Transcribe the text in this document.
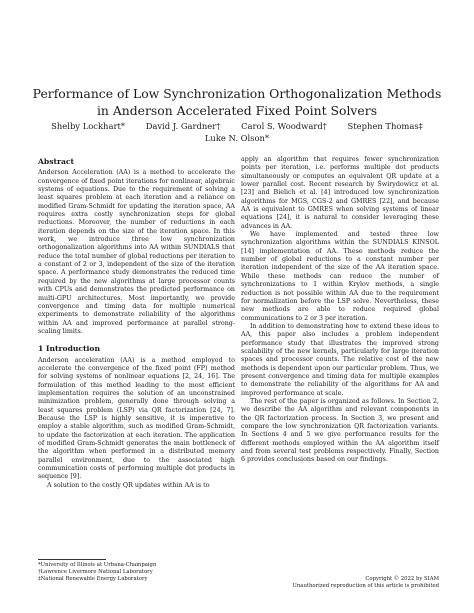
Performance of Low Synchronization Orthogonalization Methods in Anderson Accelerated Fixed Point Solvers
Shelby Lockhart* David J. Gardner† Carol S. Woodward† Stephen Thomas‡
Luke N. Olson*
Abstract

Anderson Acceleration (AA) is a method to accelerate the convergence of fixed point iterations for nonlinear, algebraic systems of equations. Due to the requirement of solving a least squares problem at each iteration and a reliance on modified Gram-Schmidt for updating the iteration space, AA requires extra costly synchronization steps for global reductions. Moreover, the number of reductions in each iteration depends on the size of the iteration space. In this work, we introduce three low synchronization orthogonalization algorithms into AA within SUNDIALS that reduce the total number of global reductions per iteration to a constant of 2 or 3, independent of the size of the iteration space. A performance study demonstrates the reduced time required by the new algorithms at large processor counts with CPUs and demonstrates the predicted performance on multi-GPU architectures. Most importantly, we provide convergence and timing data for multiple numerical experiments to demonstrate reliability of the algorithms within AA and improved performance at parallel strong-scaling limits.

1 Introduction

Anderson acceleration (AA) is a method employed to accelerate the convergence of the fixed point (FP) method for solving systems of nonlinear equations [2, 24, 16]. The formulation of this method leading to the most efficient implementation requires the solution of an unconstrained minimization problem, generally done through solving a least squares problem (LSP) via QR factorization [24, 7]. Because the LSP is highly sensitive, it is imperative to employ a stable algorithm, such as modified Gram-Schmidt, to update the factorization at each iteration. The application of modified Gram-Schmidt generates the main bottleneck of the algorithm when performed in a distributed memory parallel environment, due to the associated high communication costs of performing multiple dot products in sequence [9].

A solution to the costly QR updates within AA is to

apply an algorithm that requires fewer synchronization points per iteration, i.e. performs multiple dot products simultaneously or computes an equivalent QR update at a lower parallel cost. Recent research by Świrydowicz et al. [23] and Bielich et al. [4] introduced low synchronization algorithms for MGS, CGS-2 and GMRES [22], and because AA is equivalent to GMRES when solving systems of linear equations [24], it is natural to consider leveraging these advances in AA.

We have implemented and tested three low synchronization algorithms within the SUNDIALS KINSOL [14] implementation of AA. These methods reduce the number of global reductions to a constant number per iteration independent of the size of the AA iteration space. While these methods can reduce the number of synchronizations to 1 within Krylov methods, a single reduction is not possible within AA due to the requirement for normalization before the LSP solve. Nevertheless, these new methods are able to reduce required global communications to 2 or 3 per iteration.

In addition to demonstrating how to extend these ideas to AA, this paper also includes a problem independent performance study that illustrates the improved strong scalability of the new kernels, particularly for large iteration spaces and processor counts. The relative cost of the new methods is dependent upon our particular problem. Thus, we present convergence and timing data for multiple examples to demonstrate the reliability of the algorithms for AA and improved performance at scale.

The rest of the paper is organized as follows. In Section 2, we describe the AA algorithm and relevant components in the QR factorization process. In Section 3, we present and compare the low synchronization QR factorization variants. In Sections 4 and 5 we give performance results for the different methods employed within the AA algorithm itself and from several test problems respectively. Finally, Section 6 provides conclusions based on our findings.

*University of Illinois at Urbana-Champaign
†Lawrence Livermore National Laboratory
‡National Renewable Energy Laboratory	Copyright © 2022 by SIAM
Unauthorized reproduction of this article is prohibited
